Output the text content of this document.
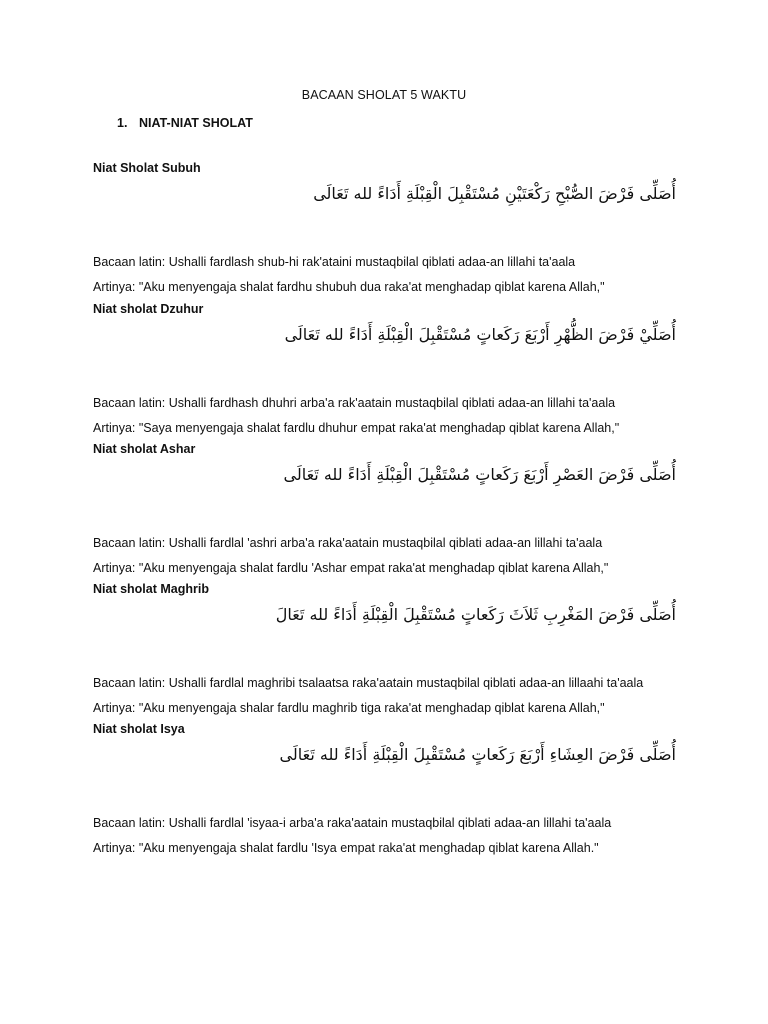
BACAAN SHOLAT 5 WAKTU
1. NIAT-NIAT SHOLAT
Niat Sholat Subuh
أُصَلِّى فَرْضَ الصُّبْحِ رَكْعَتَيْنِ مُسْتَقْبِلَ الْقِبْلَةِ أَدَاءً لله تَعَالَى
Bacaan latin: Ushalli fardlash shub-hi rak'ataini mustaqbilal qiblati adaa-an lillahi ta'aala
Artinya: "Aku menyengaja shalat fardhu shubuh dua raka'at menghadap qiblat karena Allah,"
Niat sholat Dzuhur
أُصَلِّيْ فَرْضَ الظُّهْرِ أَرْبَعَ رَكَعاتٍ مُسْتَقْبِلَ الْقِبْلَةِ أَدَاءً لله تَعَالَى
Bacaan latin: Ushalli fardhash dhuhri arba'a rak'aatain mustaqbilal qiblati adaa-an lillahi ta'aala
Artinya: "Saya menyengaja shalat fardlu dhuhur empat raka'at menghadap qiblat karena Allah,"
Niat sholat Ashar
أُصَلِّى فَرْضَ العَصْرِ أَرْبَعَ رَكَعاتٍ مُسْتَقْبِلَ الْقِبْلَةِ أَدَاءً لله تَعَالَى
Bacaan latin: Ushalli fardlal 'ashri arba'a raka'aatain mustaqbilal qiblati adaa-an lillahi ta'aala
Artinya: "Aku menyengaja shalat fardlu 'Ashar empat raka'at menghadap qiblat karena Allah,"
Niat sholat Maghrib
أُصَلِّى فَرْضَ المَغْرِبِ ثَلاَثَ رَكَعاتٍ مُسْتَقْبِلَ الْقِبْلَةِ أَدَاءً لله تَعَالَ
Bacaan latin: Ushalli fardlal maghribi tsalaatsa raka'aatain mustaqbilal qiblati adaa-an lillaahi ta'aala
Artinya: "Aku menyengaja shalar fardlu maghrib tiga raka'at menghadap qiblat karena Allah,"
Niat sholat Isya
أُصَلِّى فَرْضَ العِشَاءِ أَرْبَعَ رَكَعاتٍ مُسْتَقْبِلَ الْقِبْلَةِ أَدَاءً لله تَعَالَى
Bacaan latin: Ushalli fardlal 'isyaa-i arba'a raka'aatain mustaqbilal qiblati adaa-an lillahi ta'aala
Artinya: "Aku menyengaja shalat fardlu 'Isya empat raka'at menghadap qiblat karena Allah."
